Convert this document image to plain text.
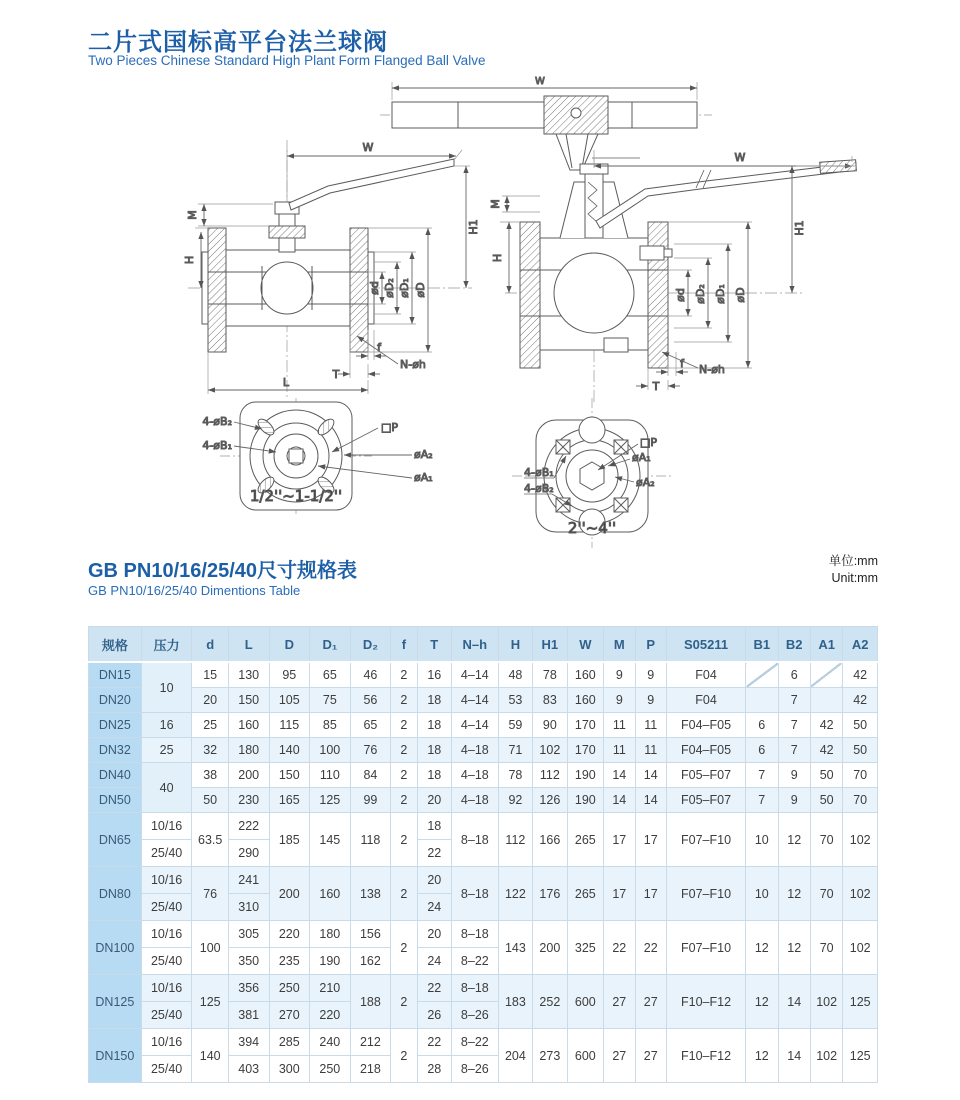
二片式国标高平台法兰球阀
Two Pieces Chinese Standard High Plant Form Flanged Ball Valve
W
W
M
H
H1
ød øD₂ øD₁ øD
f
N-øh
T
L
4-øB₂
4-øB₁
□P
øA₂
øA₁
1/2''~1-1/2''
W
M
H
H1
ød øD₂ øD₁ øD
f N-øh
T
□P
øA₁
øA₂
4-øB₁
4-øB₂
2''~4''
GB PN10/16/25/40尺寸规格表
GB PN10/16/25/40 Dimentions Table
单位:mm
Unit:mm
规格	压力	d	L	D	D₁	D₂	f	T	N–h	H	H1	W	M	P	S05211	B1	B2	A1	A2
DN15	10	15	130	95	65	46	2	16	4–14	48	78	160	9	9	F04		6		42
DN20		20	150	105	75	56	2	18	4–14	53	83	160	9	9	F04		7		42
DN25	16	25	160	115	85	65	2	18	4–14	59	90	170	11	11	F04–F05	6	7	42	50
DN32	25	32	180	140	100	76	2	18	4–18	71	102	170	11	11	F04–F05	6	7	42	50
DN40	40	38	200	150	110	84	2	18	4–18	78	112	190	14	14	F05–F07	7	9	50	70
DN50		50	230	165	125	99	2	20	4–18	92	126	190	14	14	F05–F07	7	9	50	70
DN65	10/16	63.5	222	185	145	118	2	18	8–18	112	166	265	17	17	F07–F10	10	12	70	102
	25/40		290					22											
DN80	10/16	76	241	200	160	138	2	20	8–18	122	176	265	17	17	F07–F10	10	12	70	102
	25/40		310					24											
DN100	10/16	100	305	220	180	156	2	20	8–18	143	200	325	22	22	F07–F10	12	12	70	102
	25/40		350	235	190	162		24	8–22										
DN125	10/16	125	356	250	210	188	2	22	8–18	183	252	600	27	27	F10–F12	12	14	102	125
	25/40		381	270	220			26	8–26										
DN150	10/16	140	394	285	240	212	2	22	8–22	204	273	600	27	27	F10–F12	12	14	102	125
	25/40		403	300	250	218		28	8–26										
